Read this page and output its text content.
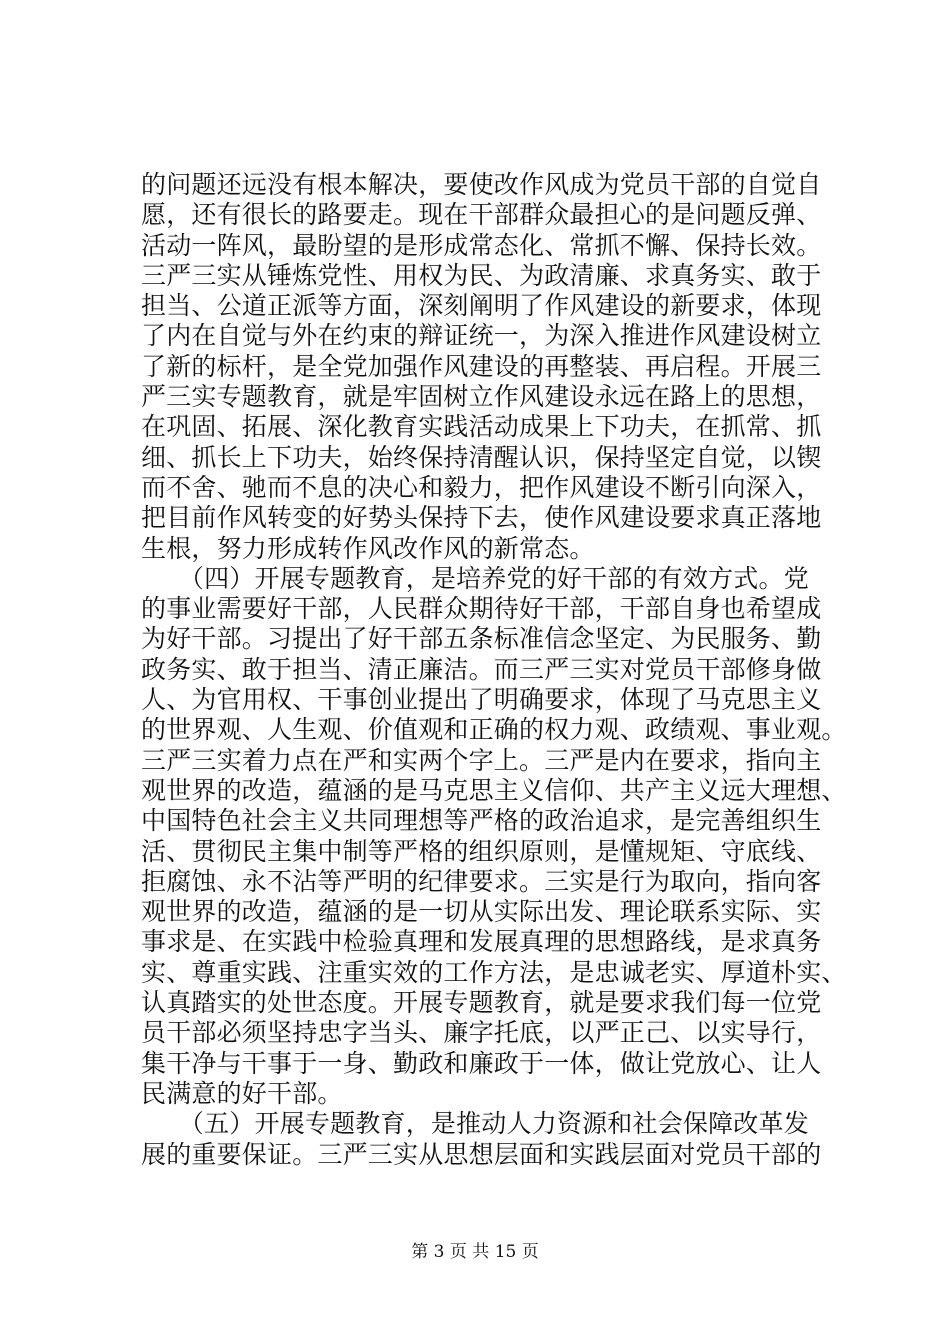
的问题还远没有根本解决，要使改作风成为党员干部的自觉自
愿，还有很长的路要走。现在干部群众最担心的是问题反弹、
活动一阵风，最盼望的是形成常态化、常抓不懈、保持长效。
三严三实从锤炼党性、用权为民、为政清廉、求真务实、敢于
担当、公道正派等方面，深刻阐明了作风建设的新要求，体现
了内在自觉与外在约束的辩证统一，为深入推进作风建设树立
了新的标杆，是全党加强作风建设的再整装、再启程。开展三
严三实专题教育，就是牢固树立作风建设永远在路上的思想，
在巩固、拓展、深化教育实践活动成果上下功夫，在抓常、抓
细、抓长上下功夫，始终保持清醒认识，保持坚定自觉，以锲
而不舍、驰而不息的决心和毅力，把作风建设不断引向深入，
把目前作风转变的好势头保持下去，使作风建设要求真正落地
生根，努力形成转作风改作风的新常态。
　　（四）开展专题教育，是培养党的好干部的有效方式。党
的事业需要好干部，人民群众期待好干部，干部自身也希望成
为好干部。习提出了好干部五条标准信念坚定、为民服务、勤
政务实、敢于担当、清正廉洁。而三严三实对党员干部修身做
人、为官用权、干事创业提出了明确要求，体现了马克思主义
的世界观、人生观、价值观和正确的权力观、政绩观、事业观。
三严三实着力点在严和实两个字上。三严是内在要求，指向主
观世界的改造，蕴涵的是马克思主义信仰、共产主义远大理想、
中国特色社会主义共同理想等严格的政治追求，是完善组织生
活、贯彻民主集中制等严格的组织原则，是懂规矩、守底线、
拒腐蚀、永不沾等严明的纪律要求。三实是行为取向，指向客
观世界的改造，蕴涵的是一切从实际出发、理论联系实际、实
事求是、在实践中检验真理和发展真理的思想路线，是求真务
实、尊重实践、注重实效的工作方法，是忠诚老实、厚道朴实、
认真踏实的处世态度。开展专题教育，就是要求我们每一位党
员干部必须坚持忠字当头、廉字托底，以严正己、以实导行，
集干净与干事于一身、勤政和廉政于一体，做让党放心、让人
民满意的好干部。
　　（五）开展专题教育，是推动人力资源和社会保障改革发
展的重要保证。三严三实从思想层面和实践层面对党员干部的
第 3 页 共 15 页
